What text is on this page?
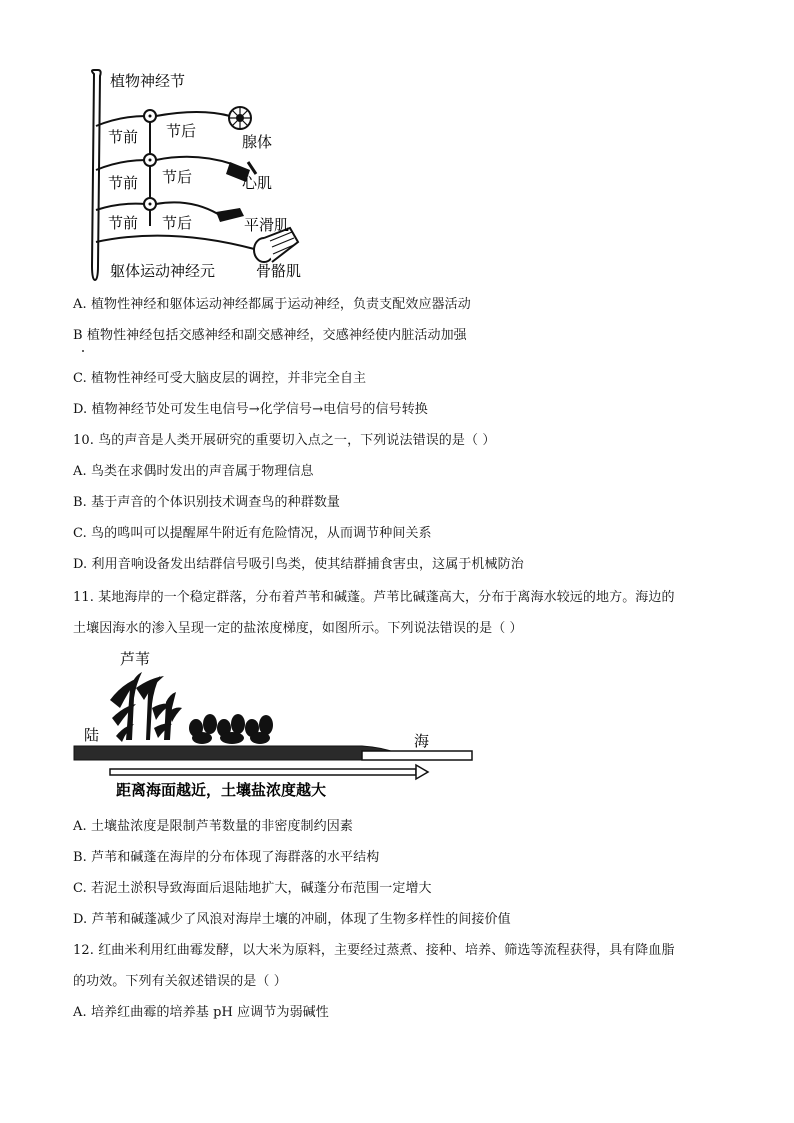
植物神经节
节前 节后
腺体
节前 节后	心肌
节前 节后	平滑肌
躯体运动神经元	骨骼肌
A. 植物性神经和躯体运动神经都属于运动神经，负责支配效应器活动
B 植物性神经包括交感神经和副交感神经，交感神经使内脏活动加强
C. 植物性神经可受大脑皮层的调控，并非完全自主
D. 植物神经节处可发生电信号→化学信号→电信号的信号转换
10. 鸟的声音是人类开展研究的重要切入点之一，下列说法错误的是（ ）
A. 鸟类在求偶时发出的声音属于物理信息
B. 基于声音的个体识别技术调查鸟的种群数量
C. 鸟的鸣叫可以提醒犀牛附近有危险情况，从而调节种间关系
D. 利用音响设备发出结群信号吸引鸟类，使其结群捕食害虫，这属于机械防治
11. 某地海岸的一个稳定群落，分布着芦苇和碱蓬。芦苇比碱蓬高大，分布于离海水较远的地方。海边的
土壤因海水的渗入呈现一定的盐浓度梯度，如图所示。下列说法错误的是（ ）
芦苇
陆	海
距离海面越近，土壤盐浓度越大
A. 土壤盐浓度是限制芦苇数量的非密度制约因素
B. 芦苇和碱蓬在海岸的分布体现了海群落的水平结构
C. 若泥土淤积导致海面后退陆地扩大，碱蓬分布范围一定增大
D. 芦苇和碱蓬减少了风浪对海岸土壤的冲刷，体现了生物多样性的间接价值
12. 红曲米利用红曲霉发酵，以大米为原料，主要经过蒸煮、接种、培养、筛选等流程获得，具有降血脂
的功效。下列有关叙述错误的是（ ）
A. 培养红曲霉的培养基 pH 应调节为弱碱性
